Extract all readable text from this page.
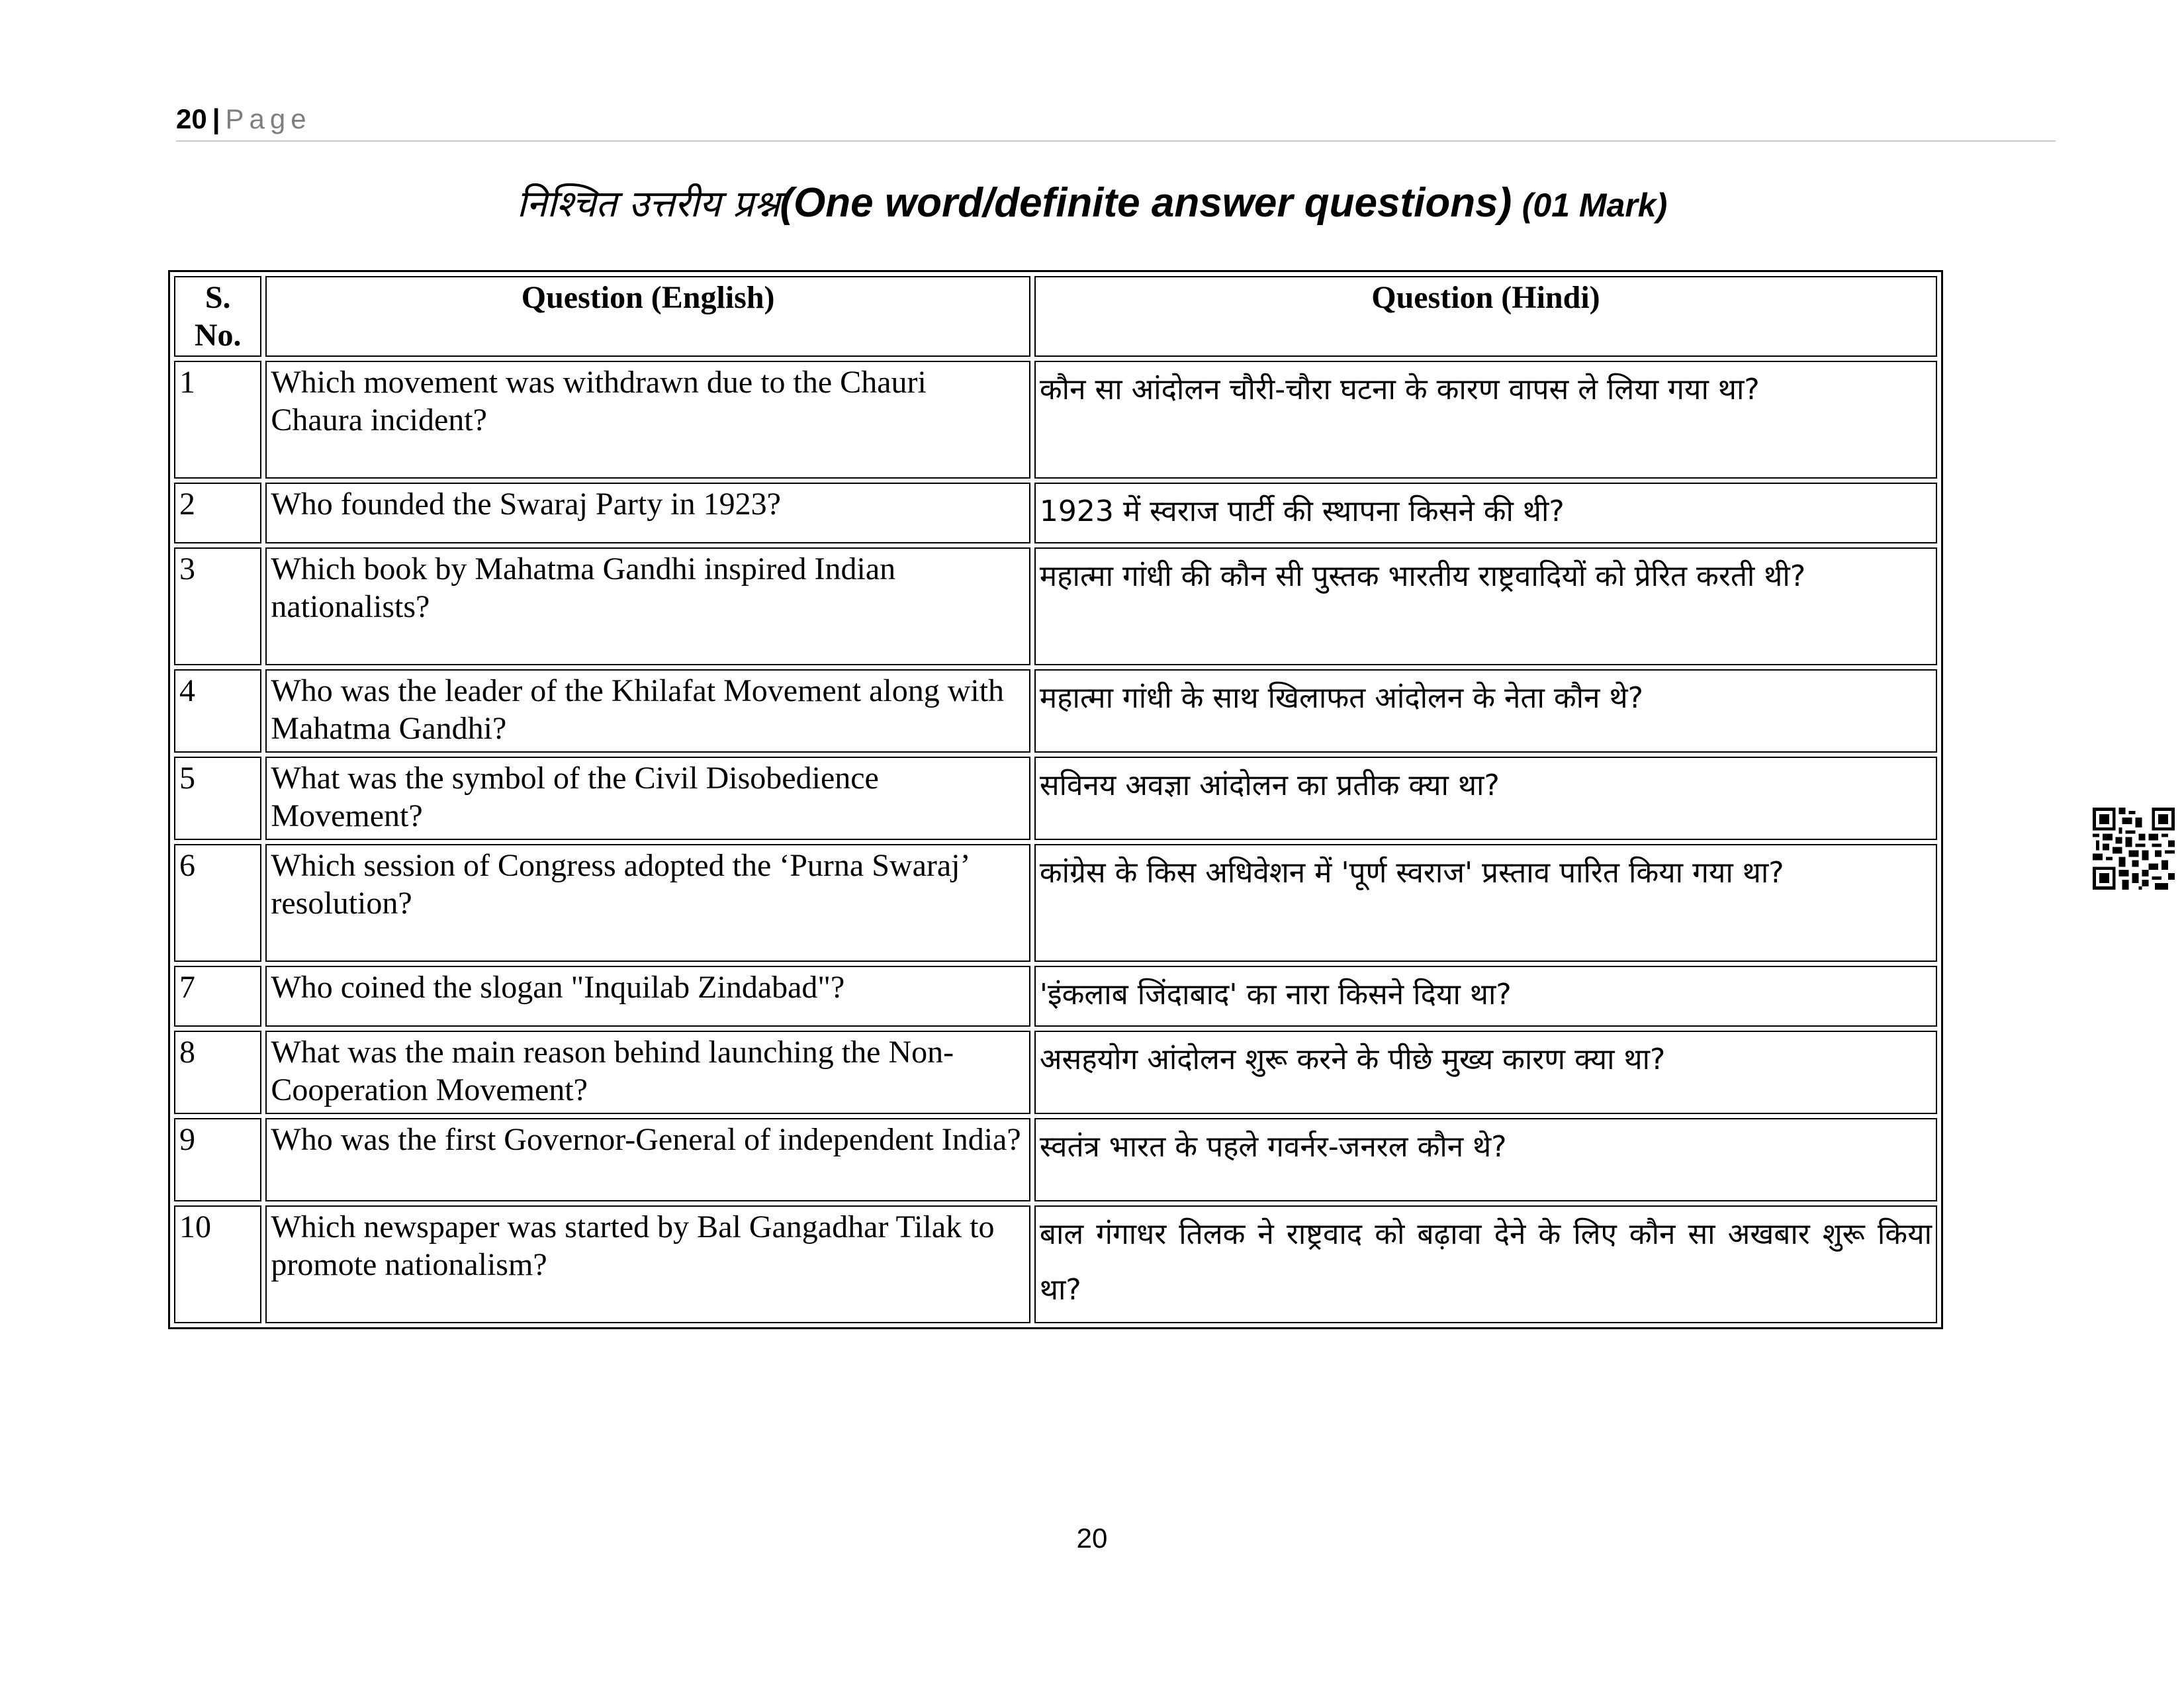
20 | Page
निश्चित उत्तरीय प्रश्न(One word/definite answer questions) (01 Mark)
S. No.	Question (English)	Question (Hindi)
1	Which movement was withdrawn due to the Chauri Chaura incident?	कौन सा आंदोलन चौरी-चौरा घटना के कारण वापस ले लिया गया था?
2	Who founded the Swaraj Party in 1923?	1923 में स्वराज पार्टी की स्थापना किसने की थी?
3	Which book by Mahatma Gandhi inspired Indian nationalists?	महात्मा गांधी की कौन सी पुस्तक भारतीय राष्ट्रवादियों को प्रेरित करती थी?
4	Who was the leader of the Khilafat Movement along with Mahatma Gandhi?	महात्मा गांधी के साथ खिलाफत आंदोलन के नेता कौन थे?
5	What was the symbol of the Civil Disobedience Movement?	सविनय अवज्ञा आंदोलन का प्रतीक क्या था?
6	Which session of Congress adopted the ‘Purna Swaraj’ resolution?	कांग्रेस के किस अधिवेशन में 'पूर्ण स्वराज' प्रस्ताव पारित किया गया था?
7	Who coined the slogan "Inquilab Zindabad"?	'इंकलाब जिंदाबाद' का नारा किसने दिया था?
8	What was the main reason behind launching the Non-Cooperation Movement?	असहयोग आंदोलन शुरू करने के पीछे मुख्य कारण क्या था?
9	Who was the first Governor-General of independent India?	स्वतंत्र भारत के पहले गवर्नर-जनरल कौन थे?
10	Which newspaper was started by Bal Gangadhar Tilak to promote nationalism?	बाल गंगाधर तिलक ने राष्ट्रवाद को बढ़ावा देने के लिए कौन सा अखबार शुरू किया था?
20
